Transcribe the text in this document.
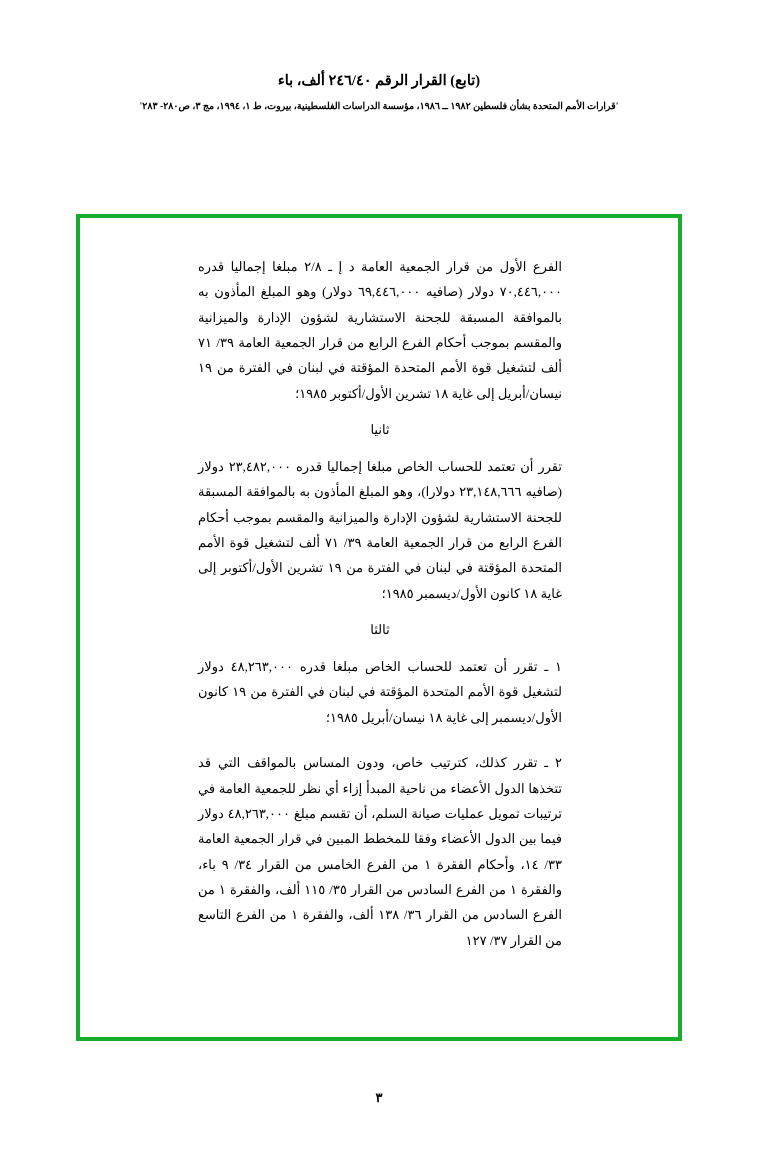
(تابع) القرار الرقم ٢٤٦/٤٠ ألف، باء
'قرارات الأمم المتحدة بشأن فلسطين ١٩٨٢ ــ ١٩٨٦، مؤسسة الدراسات الفلسطينية، بيروت، ط ١، ١٩٩٤، مج ٣، ص٢٨٠- ٢٨٣'

الفرع الأول من قرار الجمعية العامة د إ ـ ٢/٨ مبلغا إجماليا قدره ٧٠,٤٤٦,٠٠٠ دولار (صافيه ٦٩,٤٤٦,٠٠٠ دولار) وهو المبلغ المأذون به بالموافقة المسبقة للجحنة الاستشارية لشؤون الإدارة والميزانية والمقسم بموجب أحكام الفرع الرابع من قرار الجمعية العامة ٣٩/ ٧١ ألف لتشغيل قوة الأمم المتحدة المؤقتة في لبنان في الفترة من ١٩ نيسان/أبريل إلى غاية ١٨ تشرين الأول/أكتوبر ١٩٨٥؛

ثانيا

تقرر أن تعتمد للحساب الخاص مبلغا إجماليا قدره ٢٣,٤٨٢,٠٠٠ دولار (صافيه ٢٣,١٤٨,٦٦٦ دولارا)، وهو المبلغ المأذون به بالموافقة المسبقة للجحنة الاستشارية لشؤون الإدارة والميزانية والمقسم بموجب أحكام الفرع الرابع من قرار الجمعية العامة ٣٩/ ٧١ ألف لتشغيل قوة الأمم المتحدة المؤقتة في لبنان في الفترة من ١٩ تشرين الأول/أكتوبر إلى غاية ١٨ كانون الأول/ديسمبر ١٩٨٥؛

ثالثا

١ ـ تقرر أن تعتمد للحساب الخاص مبلغا قدره ٤٨,٢٦٣,٠٠٠ دولار لتشغيل قوة الأمم المتحدة المؤقتة في لبنان في الفترة من ١٩ كانون الأول/ديسمبر إلى غاية ١٨ نيسان/أبريل ١٩٨٥؛

٢ ـ تقرر كذلك، كترتيب خاص، ودون المساس بالمواقف التي قد تتخذها الدول الأعضاء من ناحية المبدأ إزاء أي نظر للجمعية العامة في ترتيبات تمويل عمليات صيانة السلم، أن تقسم مبلغ ٤٨,٢٦٣,٠٠٠ دولار فيما بين الدول الأعضاء وفقا للمخطط المبين في قرار الجمعية العامة ٣٣/ ١٤، وأحكام الفقرة ١ من الفرع الخامس من القرار ٣٤/ ٩ باء، والفقرة ١ من الفرع السادس من القرار ٣٥/ ١١٥ ألف، والفقرة ١ من الفرع السادس من القرار ٣٦/ ١٣٨ ألف، والفقرة ١ من الفرع التاسع من القرار ٣٧/ ١٢٧

٣
